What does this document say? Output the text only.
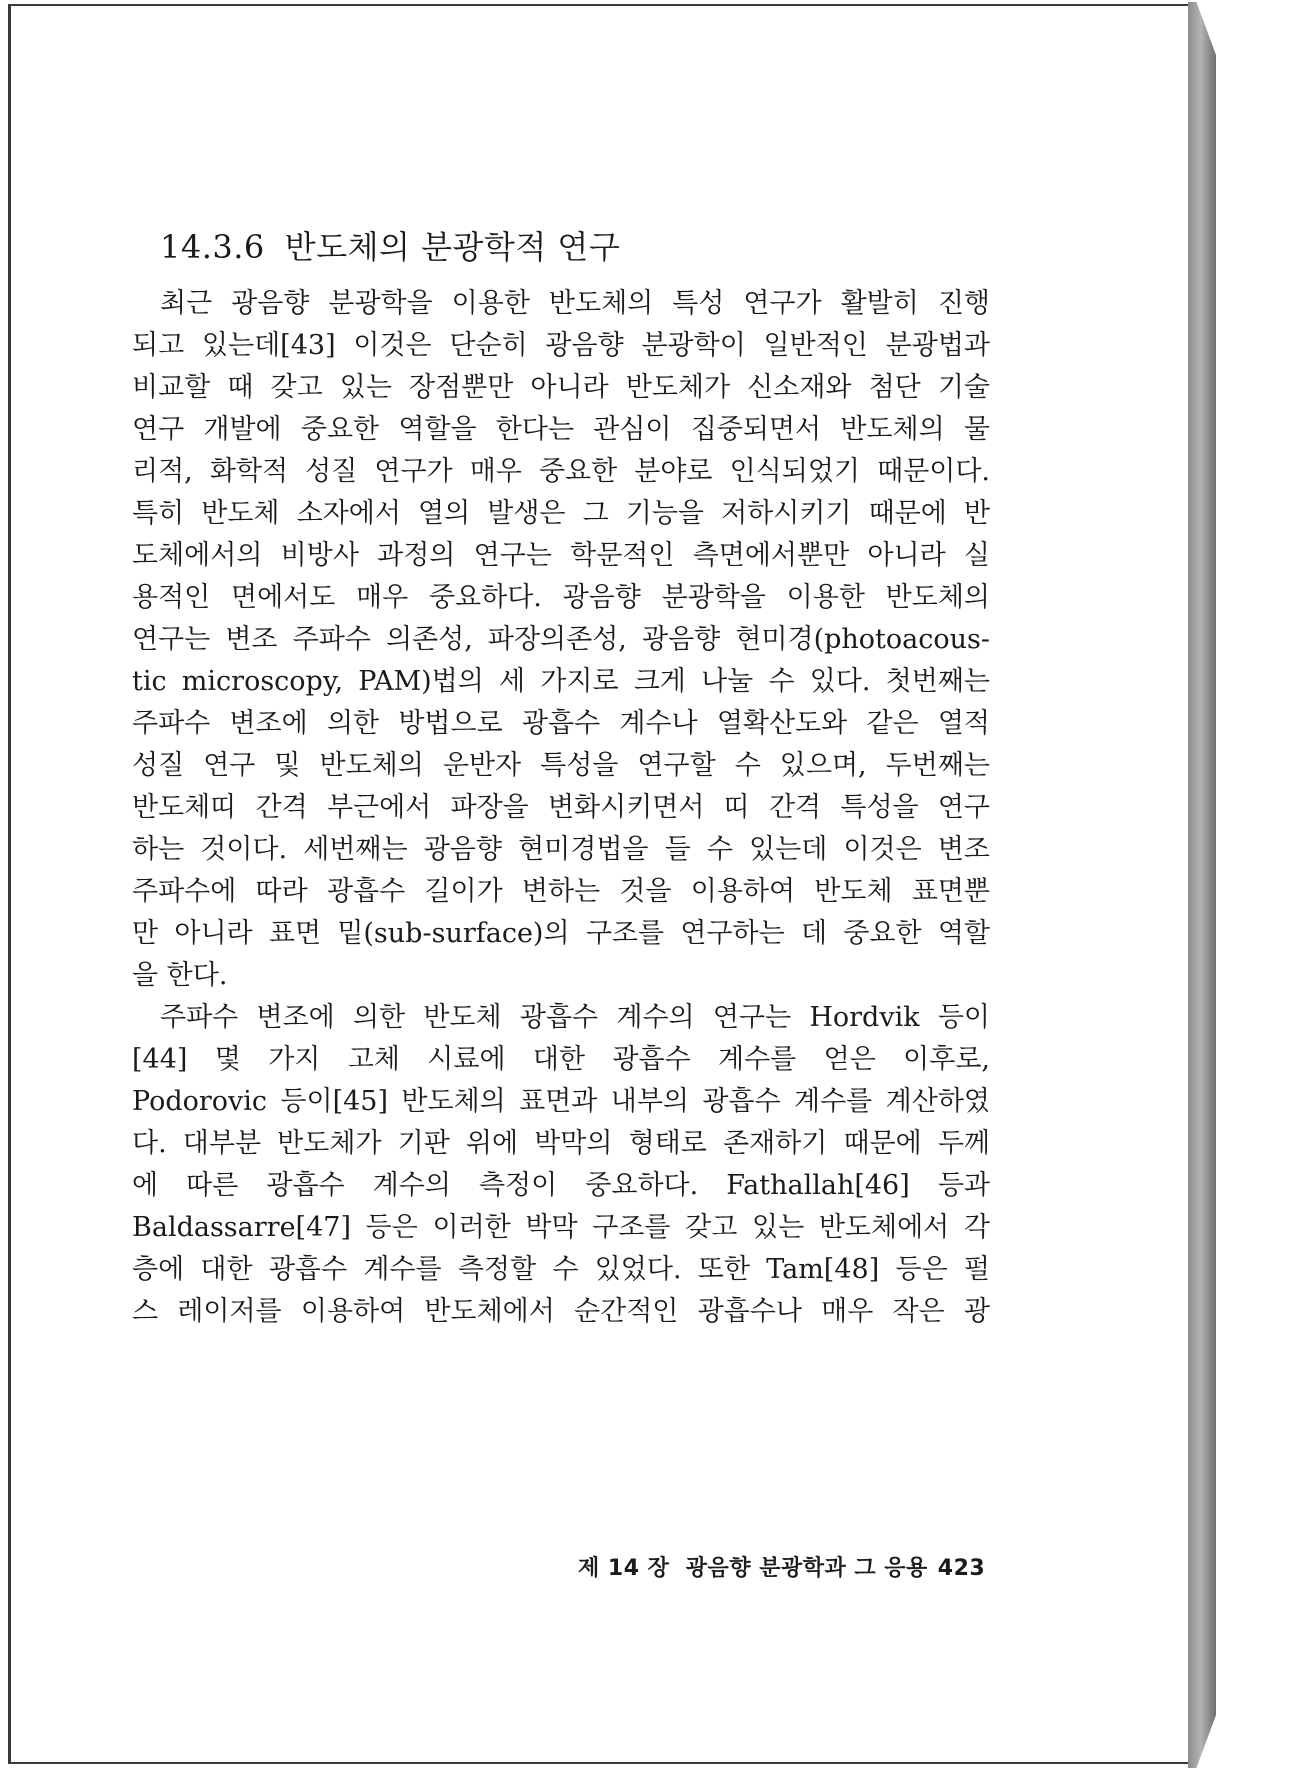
14.3.6 반도체의 분광학적 연구

최근 광음향 분광학을 이용한 반도체의 특성 연구가 활발히 진행

되고 있는데[43] 이것은 단순히 광음향 분광학이 일반적인 분광법과

비교할 때 갖고 있는 장점뿐만 아니라 반도체가 신소재와 첨단 기술

연구 개발에 중요한 역할을 한다는 관심이 집중되면서 반도체의 물

리적, 화학적 성질 연구가 매우 중요한 분야로 인식되었기 때문이다.

특히 반도체 소자에서 열의 발생은 그 기능을 저하시키기 때문에 반

도체에서의 비방사 과정의 연구는 학문적인 측면에서뿐만 아니라 실

용적인 면에서도 매우 중요하다. 광음향 분광학을 이용한 반도체의

연구는 변조 주파수 의존성, 파장의존성, 광음향 현미경(photoacous-

tic microscopy, PAM)법의 세 가지로 크게 나눌 수 있다. 첫번째는

주파수 변조에 의한 방법으로 광흡수 계수나 열확산도와 같은 열적

성질 연구 및 반도체의 운반자 특성을 연구할 수 있으며, 두번째는

반도체띠 간격 부근에서 파장을 변화시키면서 띠 간격 특성을 연구

하는 것이다. 세번째는 광음향 현미경법을 들 수 있는데 이것은 변조

주파수에 따라 광흡수 길이가 변하는 것을 이용하여 반도체 표면뿐

만 아니라 표면 밑(sub-surface)의 구조를 연구하는 데 중요한 역할

을 한다.

주파수 변조에 의한 반도체 광흡수 계수의 연구는 Hordvik 등이

[44] 몇 가지 고체 시료에 대한 광흡수 계수를 얻은 이후로,

Podorovic 등이[45] 반도체의 표면과 내부의 광흡수 계수를 계산하였

다. 대부분 반도체가 기판 위에 박막의 형태로 존재하기 때문에 두께

에 따른 광흡수 계수의 측정이 중요하다. Fathallah[46] 등과

Baldassarre[47] 등은 이러한 박막 구조를 갖고 있는 반도체에서 각

층에 대한 광흡수 계수를 측정할 수 있었다. 또한 Tam[48] 등은 펄

스 레이저를 이용하여 반도체에서 순간적인 광흡수나 매우 작은 광

제 14 장 광음향 분광학과 그 응용 423
